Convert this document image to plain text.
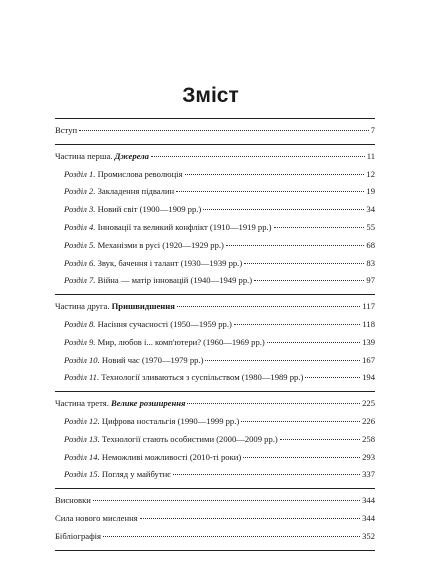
Зміст
Вступ	7
Частина перша. Джерела	11
Розділ 1. Промислова революція	12
Розділ 2. Закладення підвалин	19
Розділ 3. Новий світ (1900—1909 рр.)	34
Розділ 4. Інновації та великий конфлікт (1910—1919 рр.)	55
Розділ 5. Механізми в русі (1920—1929 рр.)	68
Розділ 6. Звук, бачення і талант (1930—1939 рр.)	83
Розділ 7. Війна — матір інновацій (1940—1949 рр.)	97
Частина друга. Пришвидшення	117
Розділ 8. Насіння сучасності (1950—1959 рр.)	118
Розділ 9. Мир, любов і... комп'ютери? (1960—1969 рр.)	139
Розділ 10. Новий час (1970—1979 рр.)	167
Розділ 11. Технології зливаються з суспільством (1980—1989 рр.)	194
Частина третя. Велике розширення	225
Розділ 12. Цифрова ностальгія (1990—1999 рр.)	226
Розділ 13. Технології стають особистими (2000—2009 рр.)	258
Розділ 14. Неможливі можливості (2010-ті роки)	293
Розділ 15. Погляд у майбутнє	337
Висновки	344
Сила нового мислення	344
Бібліографія	352
